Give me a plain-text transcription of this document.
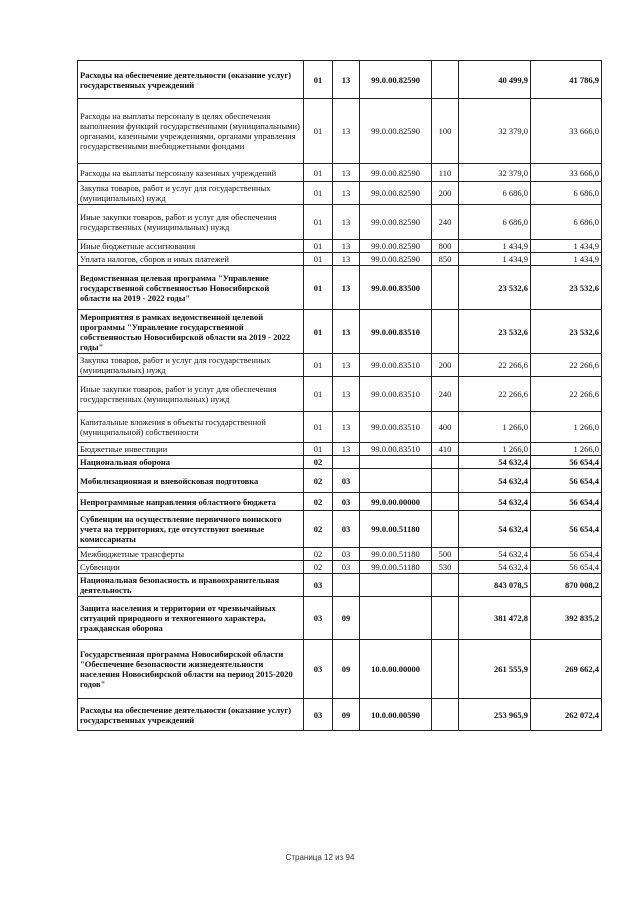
Расходы на обеспечение деятельности (оказание услуг) государственных учреждений	01	13	99.0.00.82590		40 499,9	41 786,9
Расходы на выплаты персоналу в целях обеспечения выполнения функций государственными (муниципальными) органами, казенными учреждениями, органами управления государственными внебюджетными фондами	01	13	99.0.00.82590	100	32 379,0	33 666,0
Расходы на выплаты персоналу казенных учреждений	01	13	99.0.00.82590	110	32 379,0	33 666,0
Закупка товаров, работ и услуг для государственных (муниципальных) нужд	01	13	99.0.00.82590	200	6 686,0	6 686,0
Иные закупки товаров, работ и услуг для обеспечения государственных (муниципальных) нужд	01	13	99.0.00.82590	240	6 686,0	6 686,0
Иные бюджетные ассигнования	01	13	99.0.00.82590	800	1 434,9	1 434,9
Уплата налогов, сборов и иных платежей	01	13	99.0.00.82590	850	1 434,9	1 434,9
Ведомственная целевая программа "Управление государственной собственностью Новосибирской области на 2019 - 2022 годы"	01	13	99.0.00.83500		23 532,6	23 532,6
Мероприятия в рамках ведомственной целевой программы "Управление государственной собственностью Новосибирской области на 2019 - 2022 годы"	01	13	99.0.00.83510		23 532,6	23 532,6
Закупка товаров, работ и услуг для государственных (муниципальных) нужд	01	13	99.0.00.83510	200	22 266,6	22 266,6
Иные закупки товаров, работ и услуг для обеспечения государственных (муниципальных) нужд	01	13	99.0.00.83510	240	22 266,6	22 266,6
Капитальные вложения в объекты государственной (муниципальной) собственности	01	13	99.0.00.83510	400	1 266,0	1 266,0
Бюджетные инвестиции	01	13	99.0.00.83510	410	1 266,0	1 266,0
Национальная оборона	02				54 632,4	56 654,4
Мобилизационная и вневойсковая подготовка	02	03			54 632,4	56 654,4
Непрограммные направления областного бюджета	02	03	99.0.00.00000		54 632,4	56 654,4
Субвенции на осуществление первичного воинского учета на территориях, где отсутствуют военные комиссариаты	02	03	99.0.00.51180		54 632,4	56 654,4
Межбюджетные трансферты	02	03	99.0.00.51180	500	54 632,4	56 654,4
Субвенции	02	03	99.0.00.51180	530	54 632,4	56 654,4
Национальная безопасность и правоохранительная деятельность	03				843 078,5	870 008,2
Защита населения и территории от чрезвычайных ситуаций природного и техногенного характера, гражданская оборона	03	09			381 472,8	392 835,2
Государственная программа Новосибирской области "Обеспечение безопасности жизнедеятельности населения Новосибирской области на период 2015-2020 годов"	03	09	10.0.00.00000		261 555,9	269 662,4
Расходы на обеспечение деятельности (оказание услуг) государственных учреждений	03	09	10.0.00.00590		253 965,9	262 072,4
Страница 12 из 94
